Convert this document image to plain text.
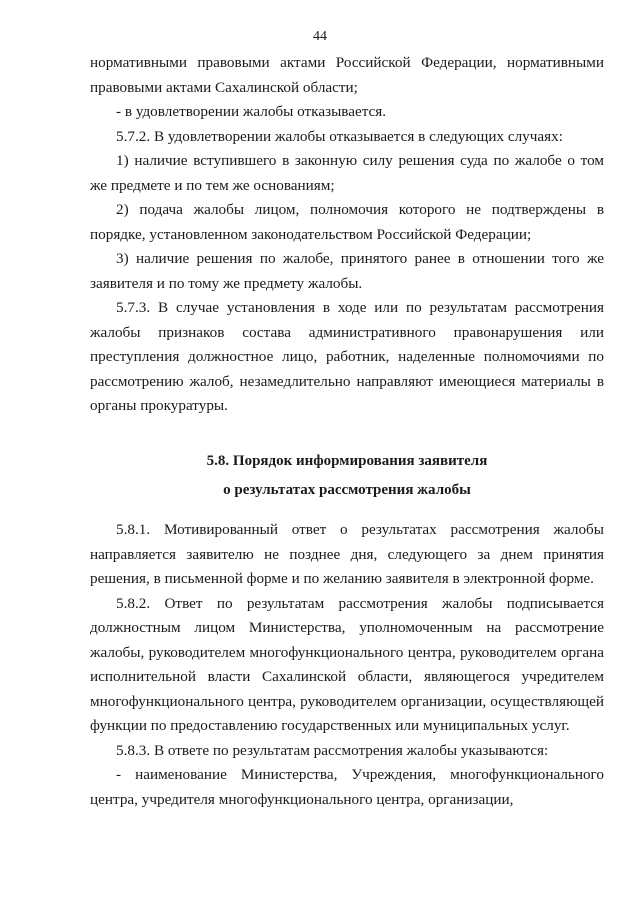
44

нормативными правовыми актами Российской Федерации, нормативными правовыми актами Сахалинской области;

- в удовлетворении жалобы отказывается.

5.7.2. В удовлетворении жалобы отказывается в следующих случаях:

1) наличие вступившего в законную силу решения суда по жалобе о том же предмете и по тем же основаниям;

2) подача жалобы лицом, полномочия которого не подтверждены в порядке, установленном законодательством Российской Федерации;

3) наличие решения по жалобе, принятого ранее в отношении того же заявителя и по тому же предмету жалобы.

5.7.3. В случае установления в ходе или по результатам рассмотрения жалобы признаков состава административного правонарушения или преступления должностное лицо, работник, наделенные полномочиями по рассмотрению жалоб, незамедлительно направляют имеющиеся материалы в органы прокуратуры.

5.8. Порядок информирования заявителя
о результатах рассмотрения жалобы

5.8.1. Мотивированный ответ о результатах рассмотрения жалобы направляется заявителю не позднее дня, следующего за днем принятия решения, в письменной форме и по желанию заявителя в электронной форме.

5.8.2. Ответ по результатам рассмотрения жалобы подписывается должностным лицом Министерства, уполномоченным на рассмотрение жалобы, руководителем многофункционального центра, руководителем органа исполнительной власти Сахалинской области, являющегося учредителем многофункционального центра, руководителем организации, осуществляющей функции по предоставлению государственных или муниципальных услуг.

5.8.3. В ответе по результатам рассмотрения жалобы указываются:

- наименование Министерства, Учреждения, многофункционального центра, учредителя многофункционального центра, организации,
